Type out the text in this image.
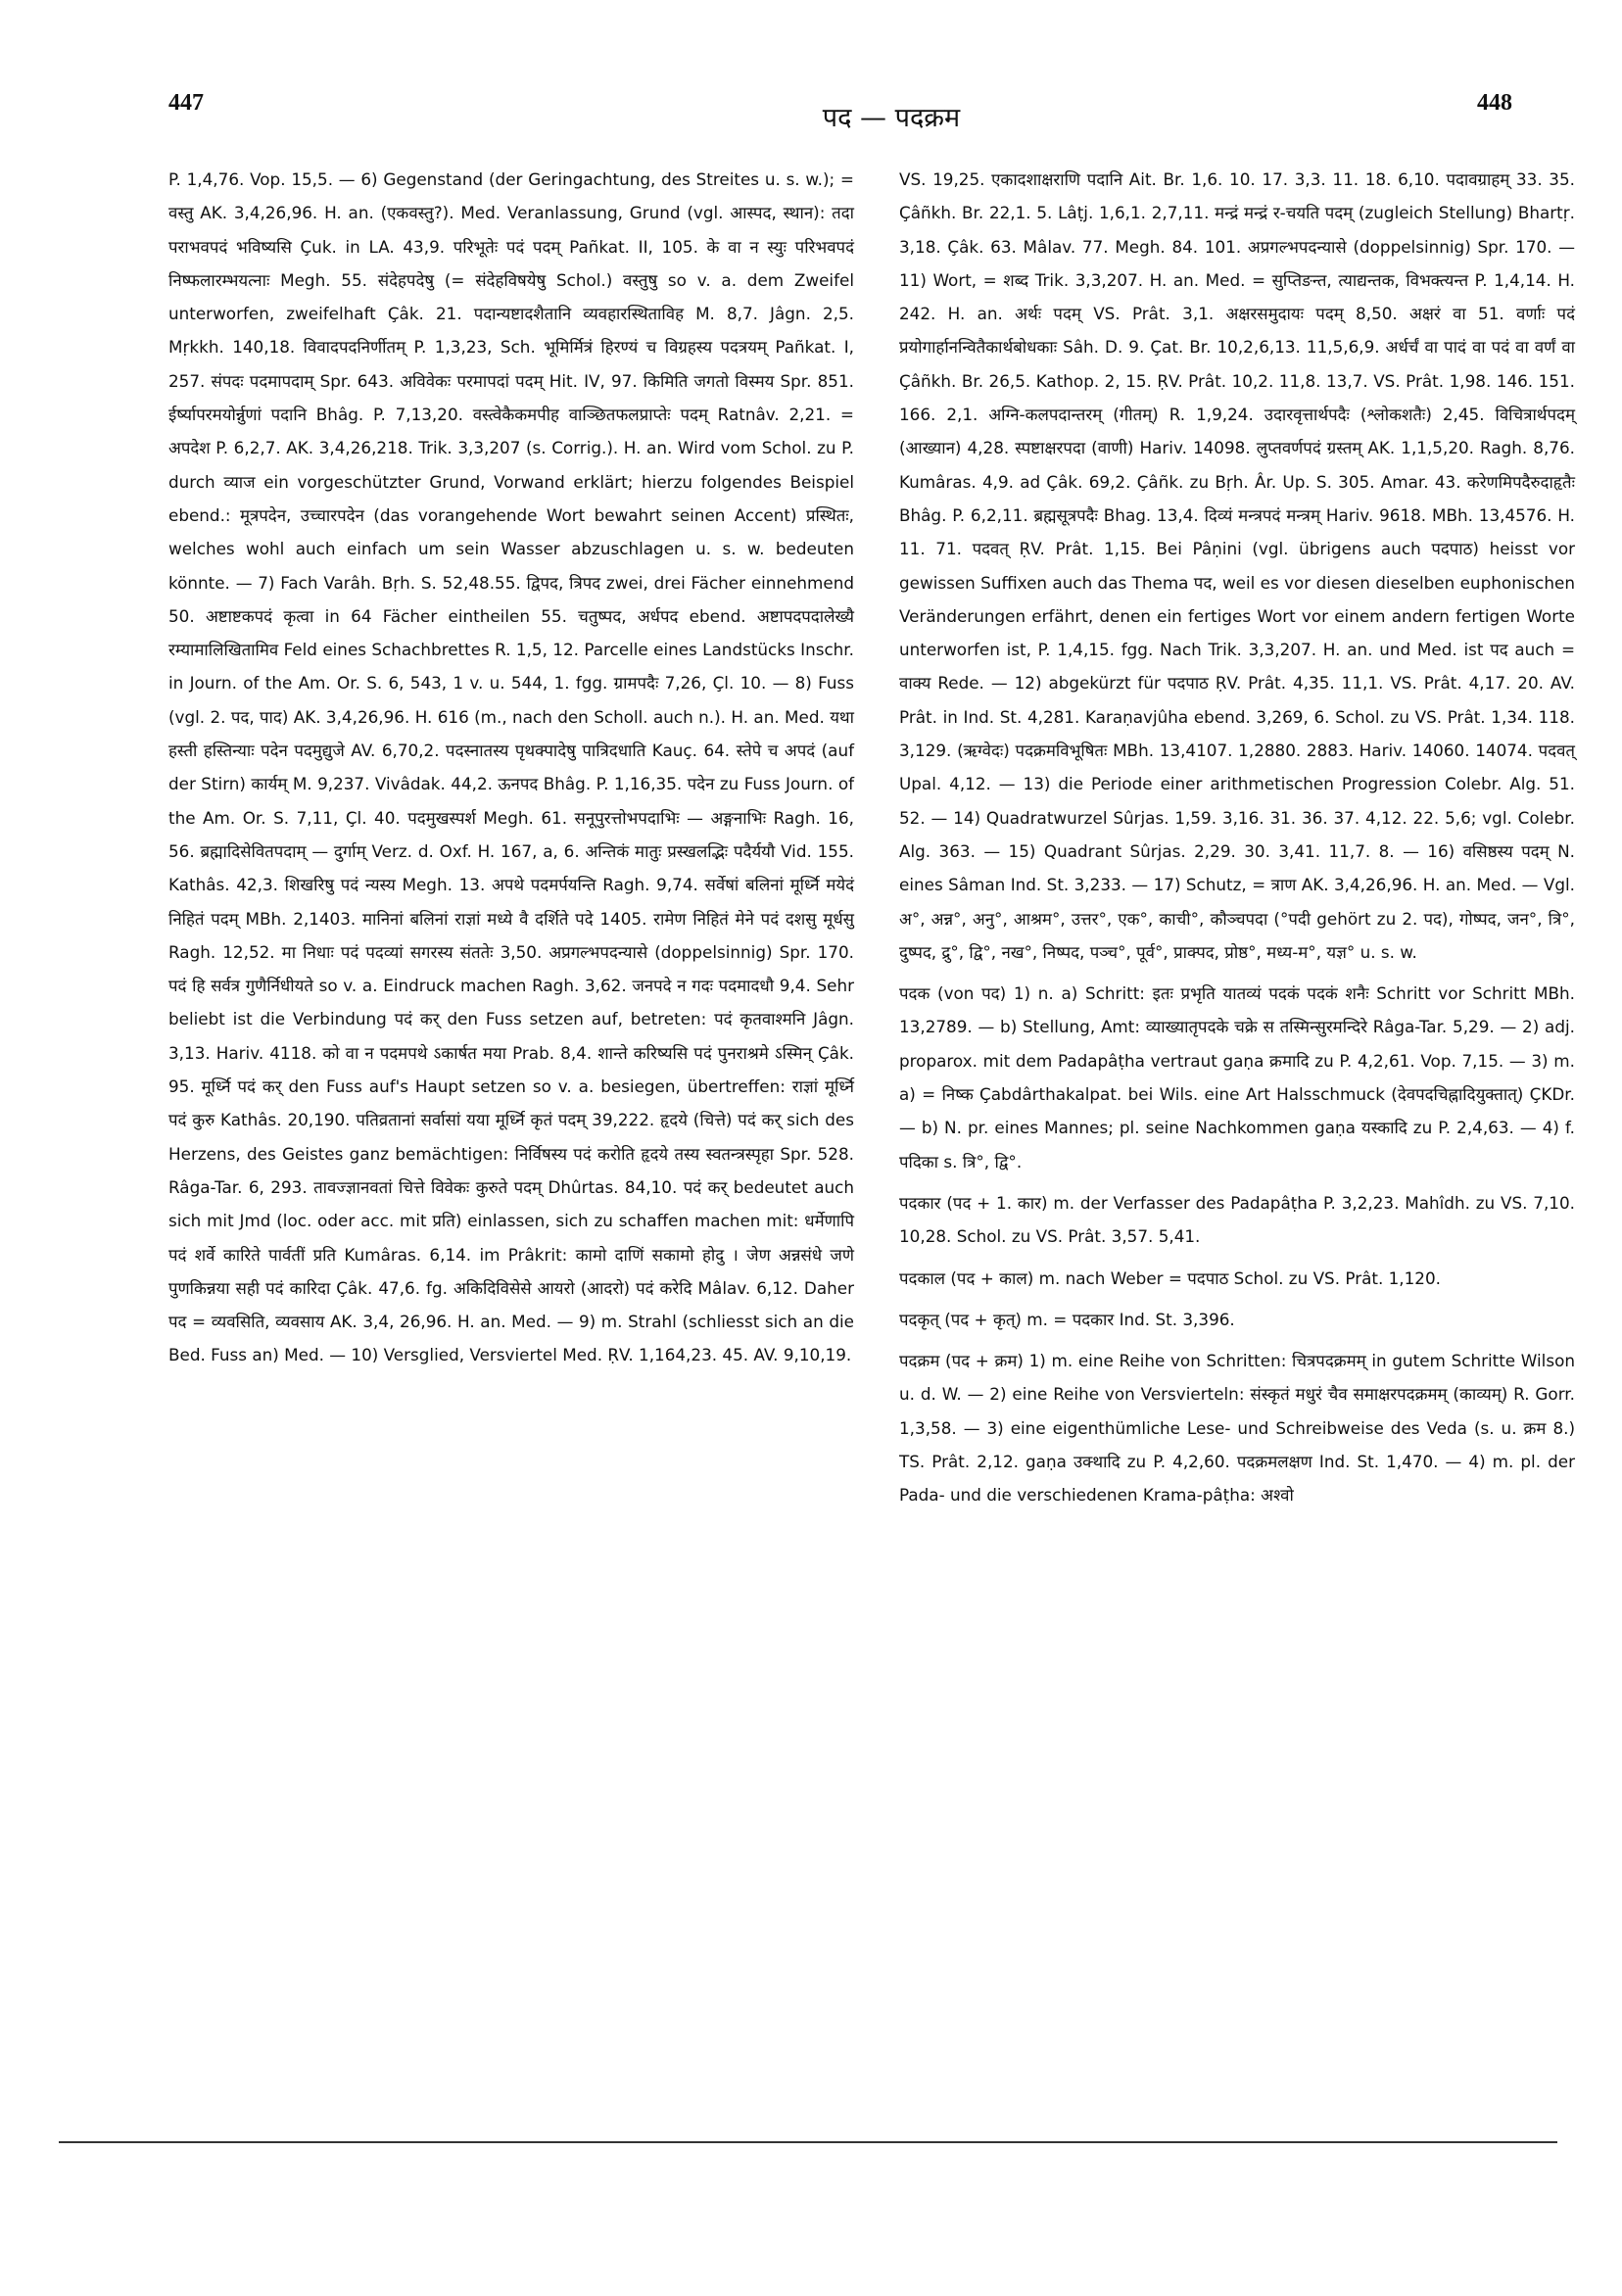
447	पद — पदक्रम	448

P. 1,4,76. Vop. 15,5. — 6) Gegenstand (der Geringachtung, des Streites u. s. w.); = वस्तु AK. 3,4,26,96. H. an. (एकवस्तु?). Med. Veranlassung, Grund (vgl. आस्पद, स्थान): तदा पराभवपदं भविष्यसि Çuk. in LA. 43,9. परिभूतेः पदं पदम् Pañkat. II, 105. के वा न स्युः परिभवपदं निष्फलारम्भयत्नाः Megh. 55. संदेहपदेषु (= संदेहविषयेषु Schol.) वस्तुषु so v. a. dem Zweifel unterworfen, zweifelhaft Çâk. 21. पदान्यष्टादशैतानि व्यवहारस्थिताविह M. 8,7. Jâgn. 2,5. Mṛkkh. 140,18. विवादपदनिर्णीतम् P. 1,3,23, Sch. भूमिर्मित्रं हिरण्यं च विग्रहस्य पदत्रयम् Pañkat. I, 257. संपदः पदमापदाम् Spr. 643. अविवेकः परमापदां पदम् Hit. IV, 97. किमिति जगतो विस्मय Spr. 851. ईर्ष्यापरमयोर्न्नुणां पदानि Bhâg. P. 7,13,20. वस्त्वेकैकमपीह वाञ्छितफलप्राप्तेः पदम् Ratnâv. 2,21. = अपदेश P. 6,2,7. AK. 3,4,26,218. Trik. 3,3,207 (s. Corrig.). H. an. Wird vom Schol. zu P. durch व्याज ein vorgeschützter Grund, Vorwand erklärt; hierzu folgendes Beispiel ebend.: मूत्रपदेन, उच्चारपदेन (das vorangehende Wort bewahrt seinen Accent) प्रस्थितः, welches wohl auch einfach um sein Wasser abzuschlagen u. s. w. bedeuten könnte. — 7) Fach Varâh. Bṛh. S. 52,48.55. द्विपद, त्रिपद zwei, drei Fächer einnehmend 50. अष्टाष्टकपदं कृत्वा in 64 Fächer eintheilen 55. चतुष्पद, अर्धपद ebend. अष्टापदपदालेख्यै रम्यामालिखितामिव Feld eines Schachbrettes R. 1,5, 12. Parcelle eines Landstücks Inschr. in Journ. of the Am. Or. S. 6, 543, 1 v. u. 544, 1. fgg. ग्रामपदैः 7,26, Çl. 10. — 8) Fuss (vgl. 2. पद, पाद) AK. 3,4,26,96. H. 616 (m., nach den Scholl. auch n.). H. an. Med. यथा हस्ती हस्तिन्याः पदेन पदमुद्युजे AV. 6,70,2. पदस्नातस्य पृथक्पादेषु पात्रिदधाति Kauç. 64. स्तेपे च अपदं (auf der Stirn) कार्यम् M. 9,237. Vivâdak. 44,2. ऊनपद Bhâg. P. 1,16,35. पदेन zu Fuss Journ. of the Am. Or. S. 7,11, Çl. 40. पदमुखस्पर्श Megh. 61. सनूपुरत्तोभपदाभिः — अङ्गनाभिः Ragh. 16, 56. ब्रह्मादिसेवितपदाम् — दुर्गाम् Verz. d. Oxf. H. 167, a, 6. अन्तिकं मातुः प्रस्खलद्भिः पदैर्ययौ Vid. 155. Kathâs. 42,3. शिखरिषु पदं न्यस्य Megh. 13. अपथे पदमर्पयन्ति Ragh. 9,74. सर्वेषां बलिनां मूर्ध्नि मयेदं निहितं पदम् MBh. 2,1403. मानिनां बलिनां राज्ञां मध्ये वै दर्शिते पदे 1405. रामेण निहितं मेने पदं दशसु मूर्धसु Ragh. 12,52. मा निधाः पदं पदव्यां सगरस्य संततेः 3,50. अप्रगल्भपदन्यासे (doppelsinnig) Spr. 170. पदं हि सर्वत्र गुणैर्निधीयते so v. a. Eindruck machen Ragh. 3,62. जनपदे न गदः पदमादधौ 9,4. Sehr beliebt ist die Verbindung पदं कर् den Fuss setzen auf, betreten: पदं कृतवाश्मनि Jâgn. 3,13. Hariv. 4118. को वा न पदमपथे ऽकार्षत मया Prab. 8,4. शान्ते करिष्यसि पदं पुनराश्रमे ऽस्मिन् Çâk. 95. मूर्ध्नि पदं कर् den Fuss auf's Haupt setzen so v. a. besiegen, übertreffen: राज्ञां मूर्ध्नि पदं कुरु Kathâs. 20,190. पतिव्रतानां सर्वासां यया मूर्ध्नि कृतं पदम् 39,222. हृदये (चित्ते) पदं कर् sich des Herzens, des Geistes ganz bemächtigen: निर्विषस्य पदं करोति हृदये तस्य स्वतन्त्रस्पृहा Spr. 528. Râga-Tar. 6, 293. तावज्ज्ञानवतां चित्ते विवेकः कुरुते पदम् Dhûrtas. 84,10. पदं कर् bedeutet auch sich mit Jmd (loc. oder acc. mit प्रति) einlassen, sich zu schaffen machen mit: धर्मेणापि पदं शर्वे कारिते पार्वतीं प्रति Kumâras. 6,14. im Prâkrit: कामो दाणिं सकामो होदु । जेण अन्नसंधे जणे पुणकिन्नया सही पदं कारिदा Çâk. 47,6. fg. अकिदिविसेसे आयरो (आदरो) पदं करेदि Mâlav. 6,12. Daher पद = व्यवसिति, व्यवसाय AK. 3,4, 26,96. H. an. Med. — 9) m. Strahl (schliesst sich an die Bed. Fuss an) Med. — 10) Versglied, Versviertel Med. ṚV. 1,164,23. 45. AV. 9,10,19.

VS. 19,25. एकादशाक्षराणि पदानि Ait. Br. 1,6. 10. 17. 3,3. 11. 18. 6,10. पदावग्राहम् 33. 35. Çâñkh. Br. 22,1. 5. Lâṭj. 1,6,1. 2,7,11. मन्द्रं मन्द्रं र-चयति पदम् (zugleich Stellung) Bhartṛ. 3,18. Çâk. 63. Mâlav. 77. Megh. 84. 101. अप्रगल्भपदन्यासे (doppelsinnig) Spr. 170. — 11) Wort, = शब्द Trik. 3,3,207. H. an. Med. = सुप्तिङन्त, त्याद्यन्तक, विभक्त्यन्त P. 1,4,14. H. 242. H. an. अर्थः पदम् VS. Prât. 3,1. अक्षरसमुदायः पदम् 8,50. अक्षरं वा 51. वर्णाः पदं प्रयोगार्हानन्वितैकार्थबोधकाः Sâh. D. 9. Çat. Br. 10,2,6,13. 11,5,6,9. अर्धर्चं वा पादं वा पदं वा वर्णं वा Çâñkh. Br. 26,5. Kathop. 2, 15. ṚV. Prât. 10,2. 11,8. 13,7. VS. Prât. 1,98. 146. 151. 166. 2,1. अग्नि-कलपदान्तरम् (गीतम्) R. 1,9,24. उदारवृत्तार्थपदैः (श्लोकशतैः) 2,45. विचित्रार्थपदम् (आख्यान) 4,28. स्पष्टाक्षरपदा (वाणी) Hariv. 14098. लुप्तवर्णपदं ग्रस्तम् AK. 1,1,5,20. Ragh. 8,76. Kumâras. 4,9. ad Çâk. 69,2. Çâñk. zu Bṛh. Âr. Up. S. 305. Amar. 43. करेणमिपदैरुदाहृतैः Bhâg. P. 6,2,11. ब्रह्मसूत्रपदैः Bhag. 13,4. दिव्यं मन्त्रपदं मन्त्रम् Hariv. 9618. MBh. 13,4576. H. 11. 71. पदवत् ṚV. Prât. 1,15. Bei Pâṇini (vgl. übrigens auch पदपाठ) heisst vor gewissen Suffixen auch das Thema पद, weil es vor diesen dieselben euphonischen Veränderungen erfährt, denen ein fertiges Wort vor einem andern fertigen Worte unterworfen ist, P. 1,4,15. fgg. Nach Trik. 3,3,207. H. an. und Med. ist पद auch = वाक्य Rede. — 12) abgekürzt für पदपाठ ṚV. Prât. 4,35. 11,1. VS. Prât. 4,17. 20. AV. Prât. in Ind. St. 4,281. Karaṇavjûha ebend. 3,269, 6. Schol. zu VS. Prât. 1,34. 118. 3,129. (ऋग्वेदः) पदक्रमविभूषितः MBh. 13,4107. 1,2880. 2883. Hariv. 14060. 14074. पदवत् Upal. 4,12. — 13) die Periode einer arithmetischen Progression Colebr. Alg. 51. 52. — 14) Quadratwurzel Sûrjas. 1,59. 3,16. 31. 36. 37. 4,12. 22. 5,6; vgl. Colebr. Alg. 363. — 15) Quadrant Sûrjas. 2,29. 30. 3,41. 11,7. 8. — 16) वसिष्ठस्य पदम् N. eines Sâman Ind. St. 3,233. — 17) Schutz, = त्राण AK. 3,4,26,96. H. an. Med. — Vgl. अ°, अन्न°, अनु°, आश्रम°, उत्तर°, एक°, काची°, कौञ्चपदा (°पदी gehört zu 2. पद), गोष्पद, जन°, त्रि°, दुष्पद, द्रु°, द्वि°, नख°, निष्पद, पञ्च°, पूर्व°, प्राक्पद, प्रोष्ठ°, मध्य-म°, यज्ञ° u. s. w.

पदक (von पद) 1) n. a) Schritt: इतः प्रभृति यातव्यं पदकं पदकं शनैः Schritt vor Schritt MBh. 13,2789. — b) Stellung, Amt: व्याख्यातृपदके चक्रे स तस्मिन्सुरमन्दिरे Râga-Tar. 5,29. — 2) adj. proparox. mit dem Padapâṭha vertraut gaṇa क्रमादि zu P. 4,2,61. Vop. 7,15. — 3) m. a) = निष्क Çabdârthakalpat. bei Wils. eine Art Halsschmuck (देवपदचिह्नादियुक्तात्) ÇKDr. — b) N. pr. eines Mannes; pl. seine Nachkommen gaṇa यस्कादि zu P. 2,4,63. — 4) f. पदिका s. त्रि°, द्वि°.

पदकार (पद + 1. कार) m. der Verfasser des Padapâṭha P. 3,2,23. Mahîdh. zu VS. 7,10. 10,28. Schol. zu VS. Prât. 3,57. 5,41.

पदकाल (पद + काल) m. nach Weber = पदपाठ Schol. zu VS. Prât. 1,120.

पदकृत् (पद + कृत्) m. = पदकार Ind. St. 3,396.

पदक्रम (पद + क्रम) 1) m. eine Reihe von Schritten: चित्रपदक्रमम् in gutem Schritte Wilson u. d. W. — 2) eine Reihe von Versvierteln: संस्कृतं मधुरं चैव समाक्षरपदक्रमम् (काव्यम्) R. Gorr. 1,3,58. — 3) eine eigenthümliche Lese- und Schreibweise des Veda (s. u. क्रम 8.) TS. Prât. 2,12. gaṇa उक्थादि zu P. 4,2,60. पदक्रमलक्षण Ind. St. 1,470. — 4) m. pl. der Pada- und die verschiedenen Krama-pâṭha: अश्वो
